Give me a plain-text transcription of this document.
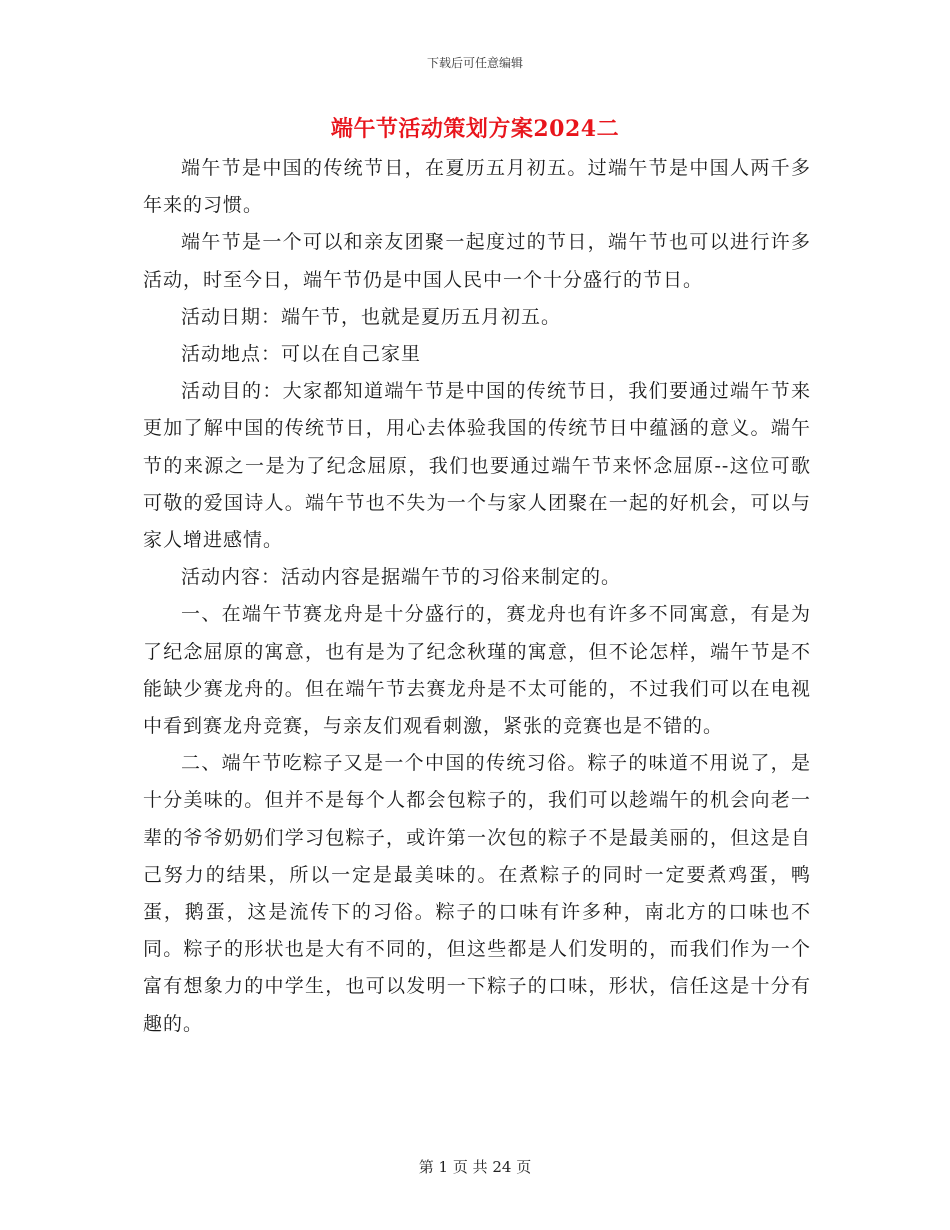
下载后可任意编辑
端午节活动策划方案2024二

端午节是中国的传统节日，在夏历五月初五。过端午节是中国人两千多年来的习惯。

端午节是一个可以和亲友团聚一起度过的节日，端午节也可以进行许多活动，时至今日，端午节仍是中国人民中一个十分盛行的节日。

活动日期：端午节，也就是夏历五月初五。

活动地点：可以在自己家里

活动目的：大家都知道端午节是中国的传统节日，我们要通过端午节来更加了解中国的传统节日，用心去体验我国的传统节日中蕴涵的意义。端午节的来源之一是为了纪念屈原，我们也要通过端午节来怀念屈原--这位可歌可敬的爱国诗人。端午节也不失为一个与家人团聚在一起的好机会，可以与家人增进感情。

活动内容：活动内容是据端午节的习俗来制定的。

一、在端午节赛龙舟是十分盛行的，赛龙舟也有许多不同寓意，有是为了纪念屈原的寓意，也有是为了纪念秋瑾的寓意，但不论怎样，端午节是不能缺少赛龙舟的。但在端午节去赛龙舟是不太可能的，不过我们可以在电视中看到赛龙舟竞赛，与亲友们观看刺激，紧张的竞赛也是不错的。

二、端午节吃粽子又是一个中国的传统习俗。粽子的味道不用说了，是十分美味的。但并不是每个人都会包粽子的，我们可以趁端午的机会向老一辈的爷爷奶奶们学习包粽子，或许第一次包的粽子不是最美丽的，但这是自己努力的结果，所以一定是最美味的。在煮粽子的同时一定要煮鸡蛋，鸭蛋，鹅蛋，这是流传下的习俗。粽子的口味有许多种，南北方的口味也不同。粽子的形状也是大有不同的，但这些都是人们发明的，而我们作为一个富有想象力的中学生，也可以发明一下粽子的口味，形状，信任这是十分有趣的。

第 1 页 共 24 页
